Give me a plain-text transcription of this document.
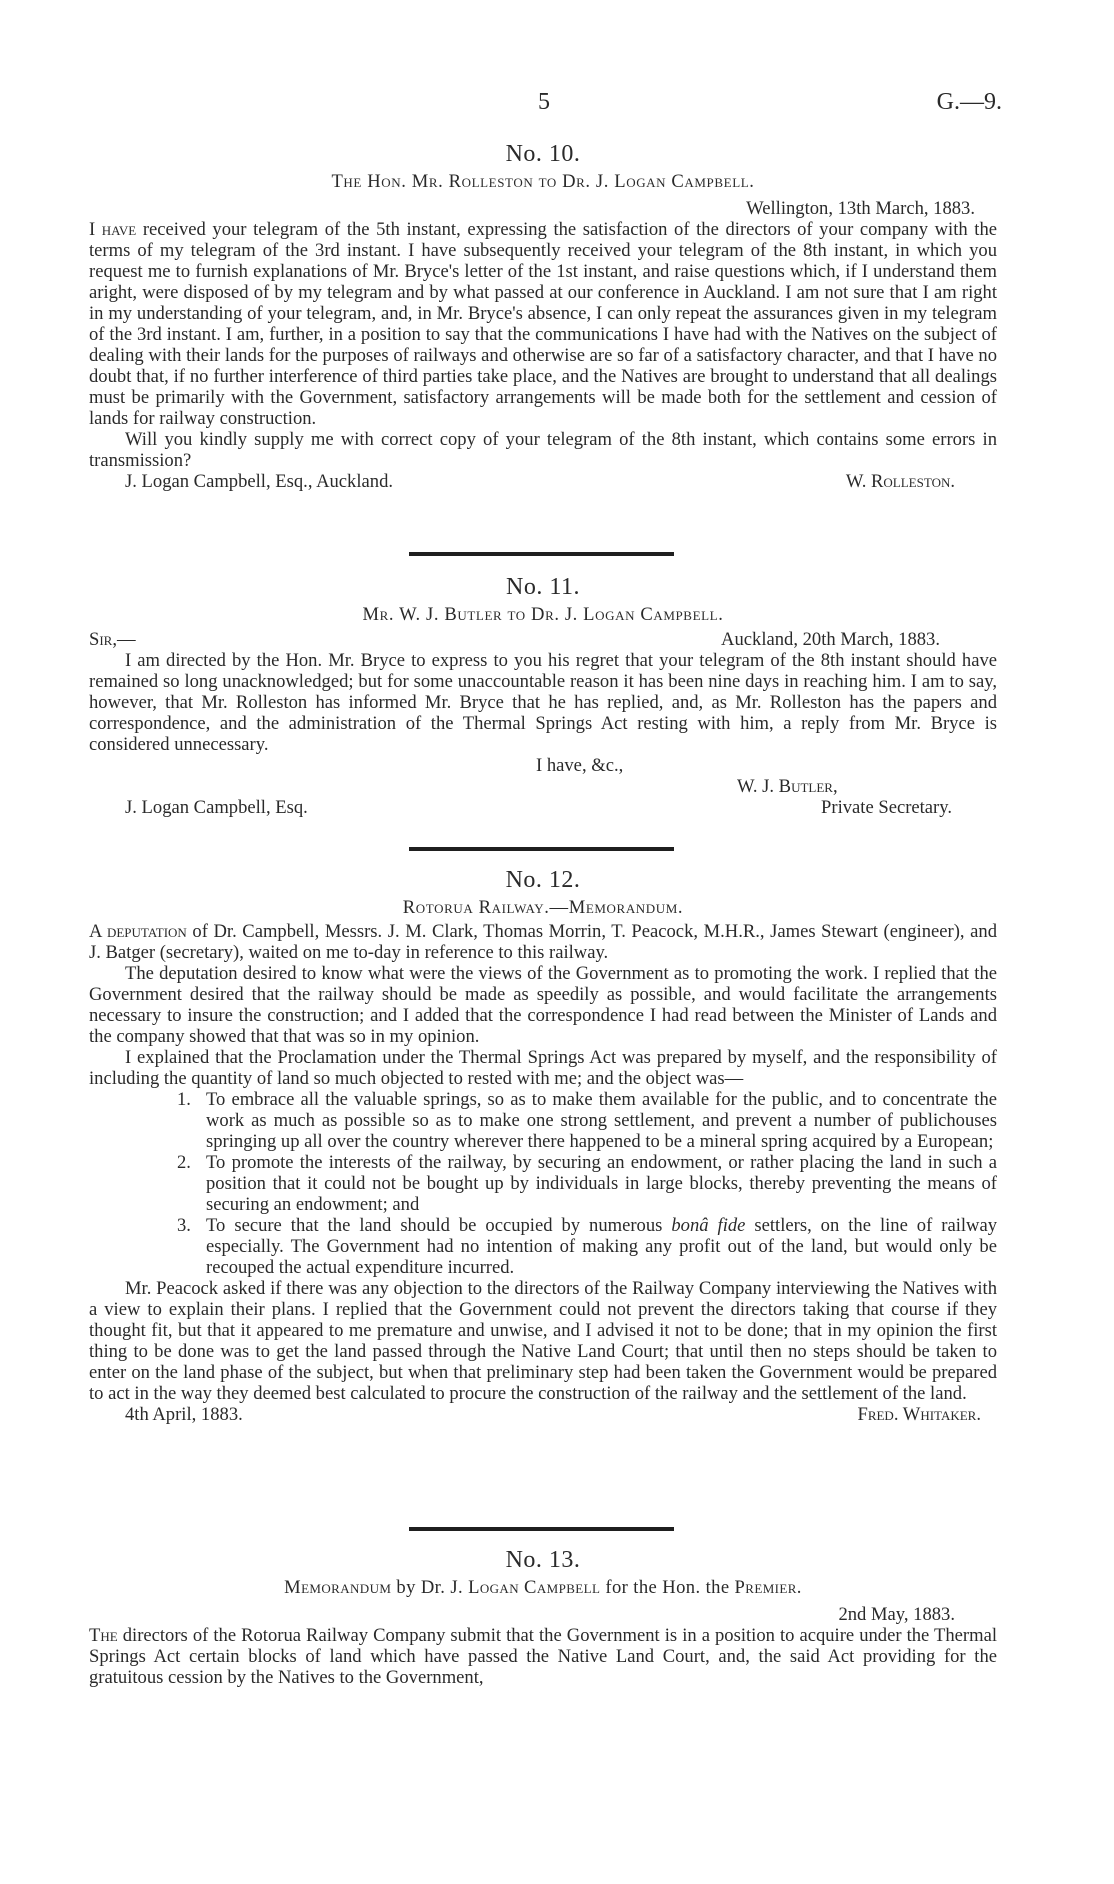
5	G.—9.
No. 10.
The Hon. Mr. Rolleston to Dr. J. Logan Campbell.
Wellington, 13th March, 1883.

I have received your telegram of the 5th instant, expressing the satisfaction of the directors of your company with the terms of my telegram of the 3rd instant. I have subsequently received your telegram of the 8th instant, in which you request me to furnish explanations of Mr. Bryce's letter of the 1st instant, and raise questions which, if I understand them aright, were disposed of by my telegram and by what passed at our conference in Auckland. I am not sure that I am right in my understanding of your telegram, and, in Mr. Bryce's absence, I can only repeat the assurances given in my telegram of the 3rd instant. I am, further, in a position to say that the communications I have had with the Natives on the subject of dealing with their lands for the purposes of railways and otherwise are so far of a satisfactory character, and that I have no doubt that, if no further interference of third parties take place, and the Natives are brought to understand that all dealings must be primarily with the Government, satisfactory arrangements will be made both for the settlement and cession of lands for railway construction.

Will you kindly supply me with correct copy of your telegram of the 8th instant, which contains some errors in transmission?

J. Logan Campbell, Esq., Auckland.	W. Rolleston.
No. 11.
Mr. W. J. Butler to Dr. J. Logan Campbell.
Sir,—	Auckland, 20th March, 1883.

I am directed by the Hon. Mr. Bryce to express to you his regret that your telegram of the 8th instant should have remained so long unacknowledged; but for some unaccountable reason it has been nine days in reaching him. I am to say, however, that Mr. Rolleston has informed Mr. Bryce that he has replied, and, as Mr. Rolleston has the papers and correspondence, and the administration of the Thermal Springs Act resting with him, a reply from Mr. Bryce is considered unnecessary.

I have, &c.,
W. J. Butler,
J. Logan Campbell, Esq.	Private Secretary.
No. 12.
Rotorua Railway.—Memorandum.

A deputation of Dr. Campbell, Messrs. J. M. Clark, Thomas Morrin, T. Peacock, M.H.R., James Stewart (engineer), and J. Batger (secretary), waited on me to-day in reference to this railway.

The deputation desired to know what were the views of the Government as to promoting the work. I replied that the Government desired that the railway should be made as speedily as possible, and would facilitate the arrangements necessary to insure the construction; and I added that the correspondence I had read between the Minister of Lands and the company showed that that was so in my opinion.

I explained that the Proclamation under the Thermal Springs Act was prepared by myself, and the responsibility of including the quantity of land so much objected to rested with me; and the object was—

1. To embrace all the valuable springs, so as to make them available for the public, and to concentrate the work as much as possible so as to make one strong settlement, and prevent a number of publichouses springing up all over the country wherever there happened to be a mineral spring acquired by a European;
2. To promote the interests of the railway, by securing an endowment, or rather placing the land in such a position that it could not be bought up by individuals in large blocks, thereby preventing the means of securing an endowment; and
3. To secure that the land should be occupied by numerous bonâ fide settlers, on the line of railway especially. The Government had no intention of making any profit out of the land, but would only be recouped the actual expenditure incurred.

Mr. Peacock asked if there was any objection to the directors of the Railway Company interviewing the Natives with a view to explain their plans. I replied that the Government could not prevent the directors taking that course if they thought fit, but that it appeared to me premature and unwise, and I advised it not to be done; that in my opinion the first thing to be done was to get the land passed through the Native Land Court; that until then no steps should be taken to enter on the land phase of the subject, but when that preliminary step had been taken the Government would be prepared to act in the way they deemed best calculated to procure the construction of the railway and the settlement of the land.

4th April, 1883.	Fred. Whitaker.
No. 13.
Memorandum by Dr. J. Logan Campbell for the Hon. the Premier.
2nd May, 1883.

The directors of the Rotorua Railway Company submit that the Government is in a position to acquire under the Thermal Springs Act certain blocks of land which have passed the Native Land Court, and, the said Act providing for the gratuitous cession by the Natives to the Government,
